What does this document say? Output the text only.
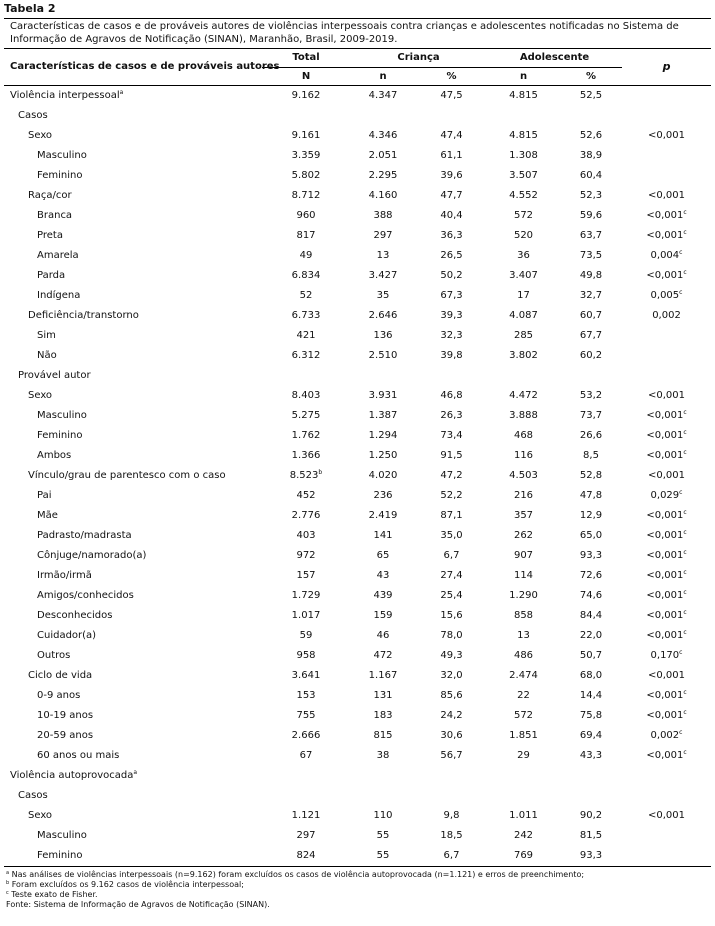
Tabela 2
Características de casos e de prováveis autores de violências interpessoais contra crianças e adolescentes notificadas no Sistema de Informação de Agravos de Notificação (SINAN), Maranhão, Brasil, 2009-2019.
Características de casos e de prováveis autores	Total	Criança		Adolescente		p
	N	n	%	n	%	
Violência interpessoal$^a$	9.162	4.347	47,5	4.815	52,5	
Casos						
Sexo	9.161	4.346	47,4	4.815	52,6	<0,001
Masculino	3.359	2.051	61,1	1.308	38,9	
Feminino	5.802	2.295	39,6	3.507	60,4	
Raça/cor	8.712	4.160	47,7	4.552	52,3	<0,001
Branca	960	388	40,4	572	59,6	<0,001$^c$
Preta	817	297	36,3	520	63,7	<0,001$^c$
Amarela	49	13	26,5	36	73,5	0,004$^c$
Parda	6.834	3.427	50,2	3.407	49,8	<0,001$^c$
Indígena	52	35	67,3	17	32,7	0,005$^c$
Deficiência/transtorno	6.733	2.646	39,3	4.087	60,7	0,002
Sim	421	136	32,3	285	67,7	
Não	6.312	2.510	39,8	3.802	60,2	
Provável autor						
Sexo	8.403	3.931	46,8	4.472	53,2	<0,001
Masculino	5.275	1.387	26,3	3.888	73,7	<0,001$^c$
Feminino	1.762	1.294	73,4	468	26,6	<0,001$^c$
Ambos	1.366	1.250	91,5	116	8,5	<0,001$^c$
Vínculo/grau de parentesco com o caso	8.523$^b$	4.020	47,2	4.503	52,8	<0,001
Pai	452	236	52,2	216	47,8	0,029$^c$
Mãe	2.776	2.419	87,1	357	12,9	<0,001$^c$
Padrasto/madrasta	403	141	35,0	262	65,0	<0,001$^c$
Cônjuge/namorado(a)	972	65	6,7	907	93,3	<0,001$^c$
Irmão/irmã	157	43	27,4	114	72,6	<0,001$^c$
Amigos/conhecidos	1.729	439	25,4	1.290	74,6	<0,001$^c$
Desconhecidos	1.017	159	15,6	858	84,4	<0,001$^c$
Cuidador(a)	59	46	78,0	13	22,0	<0,001$^c$
Outros	958	472	49,3	486	50,7	0,170$^c$
Ciclo de vida	3.641	1.167	32,0	2.474	68,0	<0,001
0-9 anos	153	131	85,6	22	14,4	<0,001$^c$
10-19 anos	755	183	24,2	572	75,8	<0,001$^c$
20-59 anos	2.666	815	30,6	1.851	69,4	0,002$^c$
60 anos ou mais	67	38	56,7	29	43,3	<0,001$^c$
Violência autoprovocada$^a$						
Casos						
Sexo	1.121	110	9,8	1.011	90,2	<0,001
Masculino	297	55	18,5	242	81,5	
Feminino	824	55	6,7	769	93,3	
$^a$ Nas análises de violências interpessoais (n=9.162) foram excluídos os casos de violência autoprovocada (n=1.121) e erros de preenchimento;
$^b$ Foram excluídos os 9.162 casos de violência interpessoal;
$^c$ Teste exato de Fisher.
Fonte: Sistema de Informação de Agravos de Notificação (SINAN).
